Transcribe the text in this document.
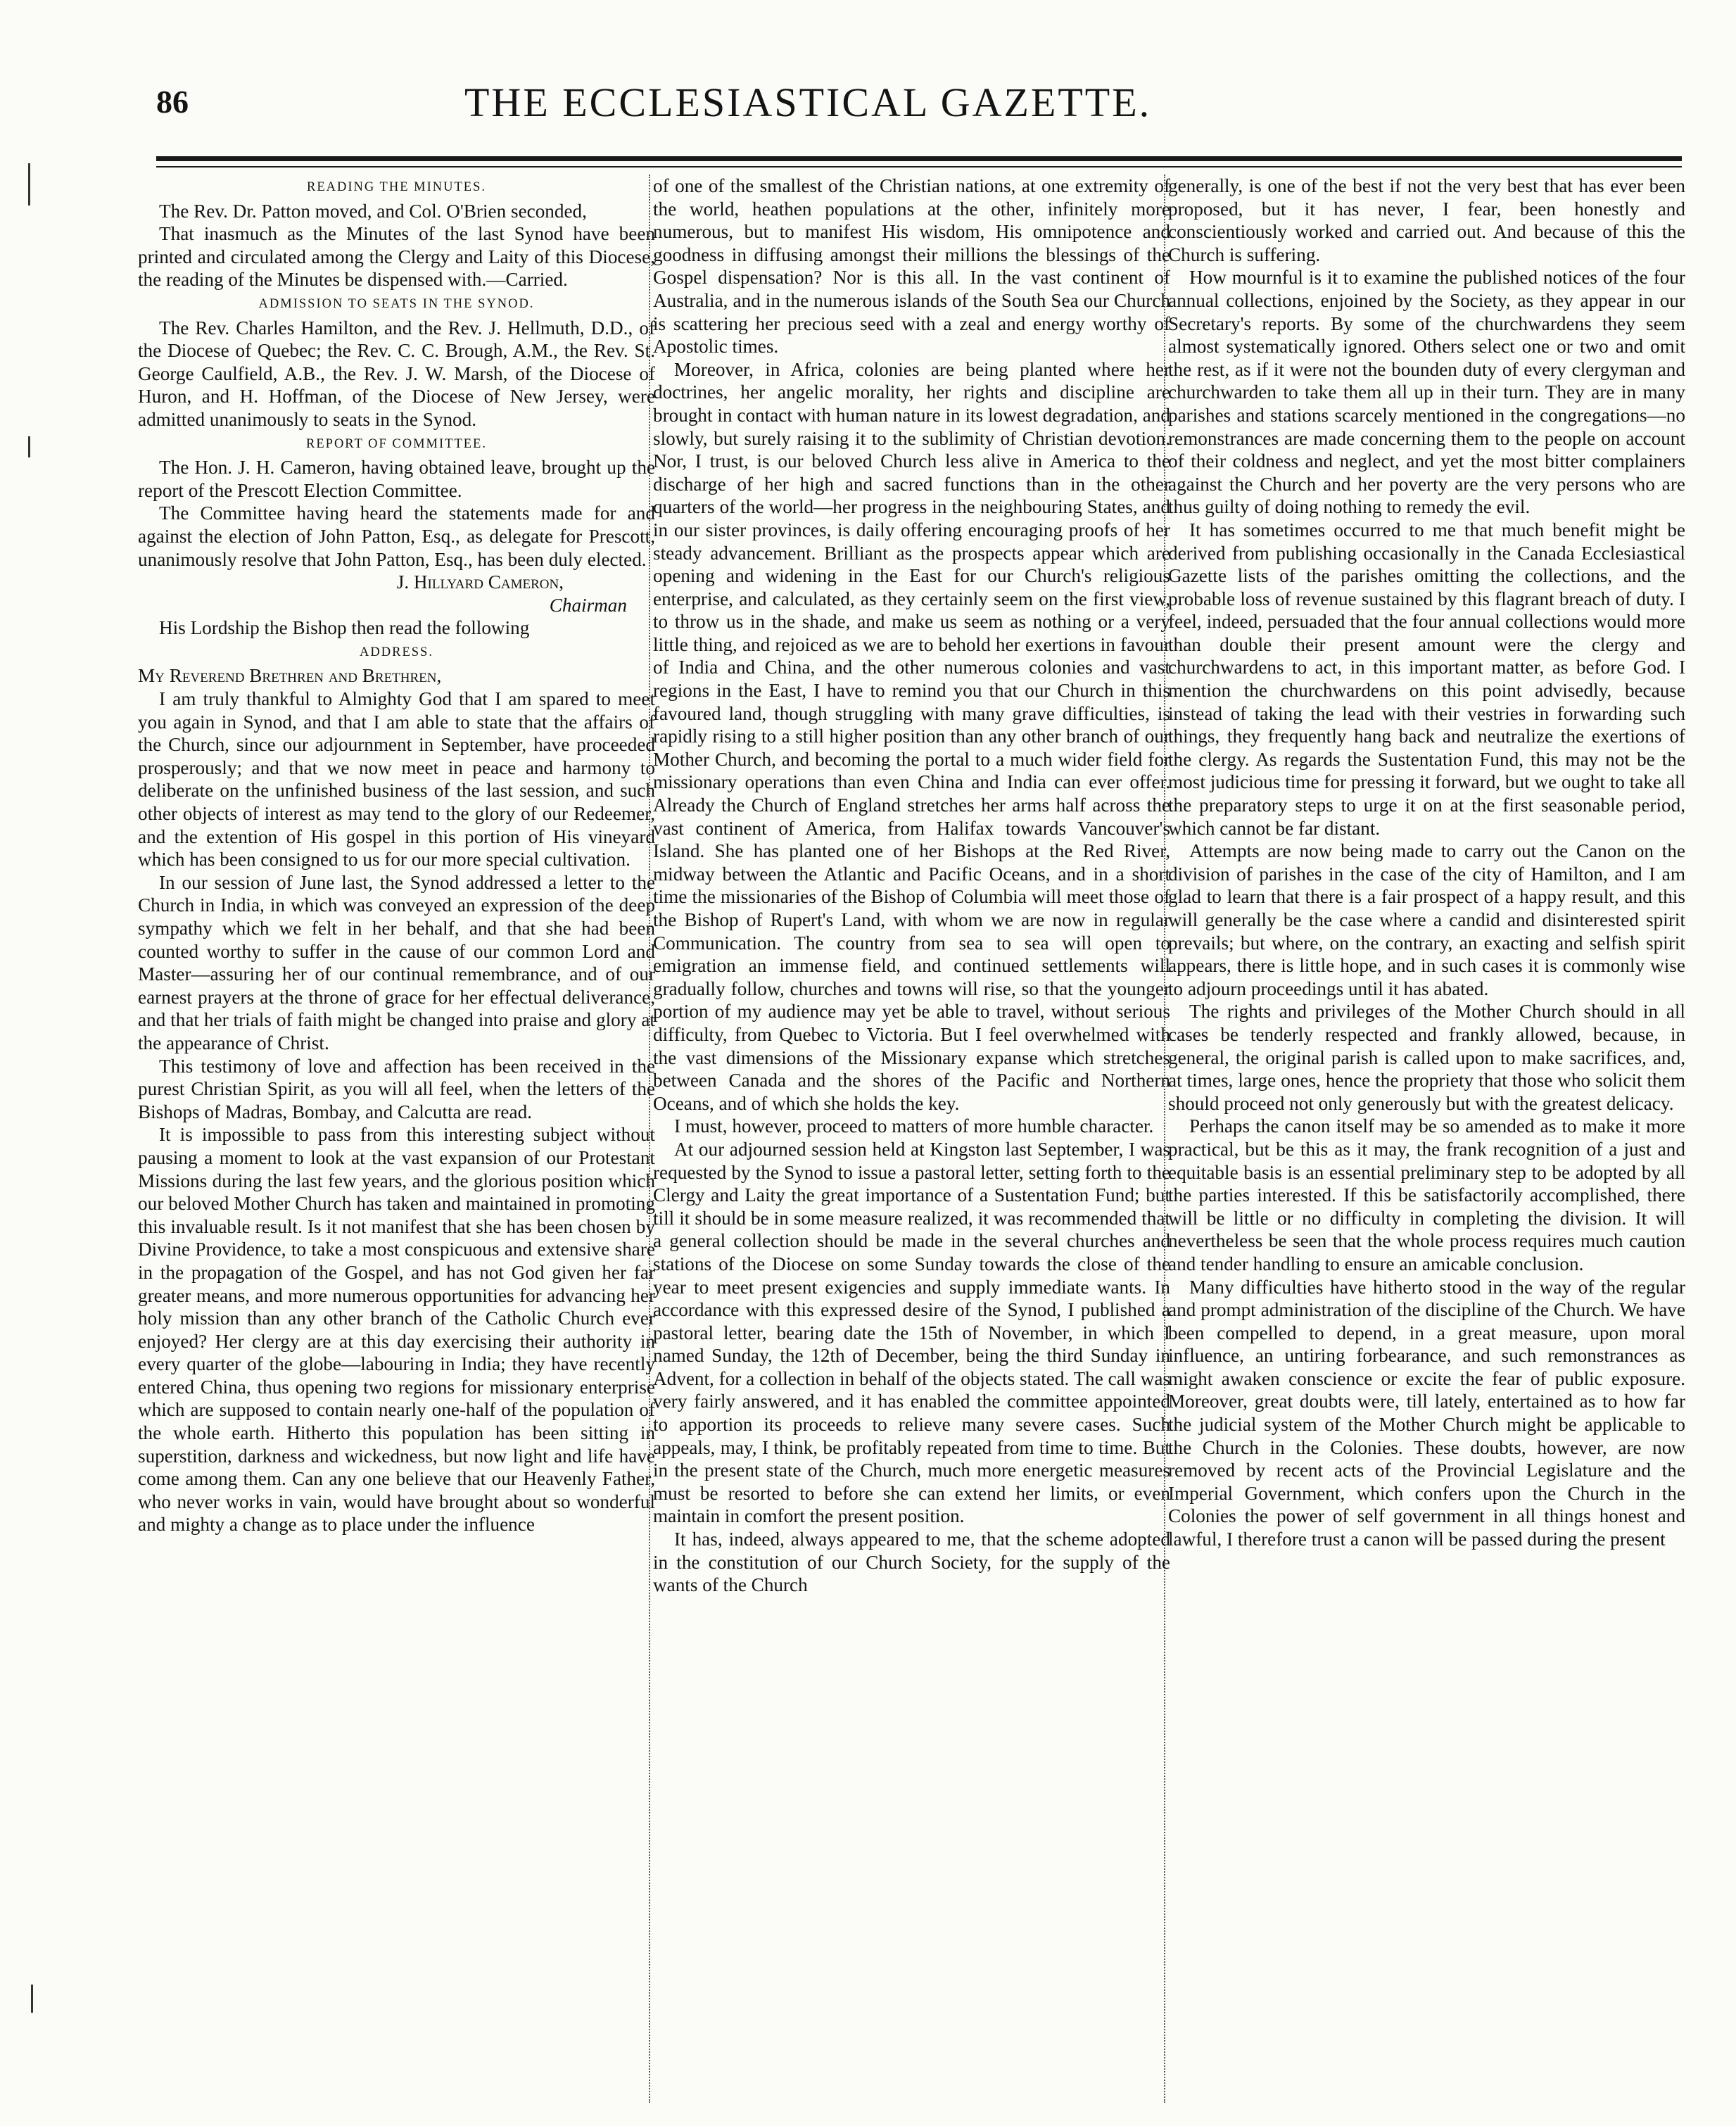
86	THE ECCLESIASTICAL GAZETTE.
READING THE MINUTES.

The Rev. Dr. Patton moved, and Col. O'Brien seconded,

That inasmuch as the Minutes of the last Synod have been printed and circulated among the Clergy and Laity of this Diocese, the reading of the Minutes be dispensed with.—Carried.

ADMISSION TO SEATS IN THE SYNOD.

The Rev. Charles Hamilton, and the Rev. J. Hellmuth, D.D., of the Diocese of Quebec; the Rev. C. C. Brough, A.M., the Rev. St. George Caulfield, A.B., the Rev. J. W. Marsh, of the Diocese of Huron, and H. Hoffman, of the Diocese of New Jersey, were admitted unanimously to seats in the Synod.

REPORT OF COMMITTEE.

The Hon. J. H. Cameron, having obtained leave, brought up the report of the Prescott Election Committee.

The Committee having heard the statements made for and against the election of John Patton, Esq., as delegate for Prescott, unanimously resolve that John Patton, Esq., has been duly elected.

J. Hillyard Cameron,
Chairman

His Lordship the Bishop then read the following

ADDRESS.
My Reverend Brethren and Brethren,

I am truly thankful to Almighty God that I am spared to meet you again in Synod, and that I am able to state that the affairs of the Church, since our adjournment in September, have proceeded prosperously; and that we now meet in peace and harmony to deliberate on the unfinished business of the last session, and such other objects of interest as may tend to the glory of our Redeemer, and the extention of His gospel in this portion of His vineyard which has been consigned to us for our more special cultivation.

In our session of June last, the Synod addressed a letter to the Church in India, in which was conveyed an expression of the deep sympathy which we felt in her behalf, and that she had been counted worthy to suffer in the cause of our common Lord and Master—assuring her of our continual remembrance, and of our earnest prayers at the throne of grace for her effectual deliverance, and that her trials of faith might be changed into praise and glory at the appearance of Christ.

This testimony of love and affection has been received in the purest Christian Spirit, as you will all feel, when the letters of the Bishops of Madras, Bombay, and Calcutta are read.

It is impossible to pass from this interesting subject without pausing a moment to look at the vast expansion of our Protestant Missions during the last few years, and the glorious position which our beloved Mother Church has taken and maintained in promoting this invaluable result. Is it not manifest that she has been chosen by Divine Providence, to take a most conspicuous and extensive share in the propagation of the Gospel, and has not God given her far greater means, and more numerous opportunities for advancing her holy mission than any other branch of the Catholic Church ever enjoyed? Her clergy are at this day exercising their authority in every quarter of the globe—labouring in India; they have recently entered China, thus opening two regions for missionary enterprise which are supposed to contain nearly one-half of the population of the whole earth. Hitherto this population has been sitting in superstition, darkness and wickedness, but now light and life have come among them. Can any one believe that our Heavenly Father, who never works in vain, would have brought about so wonderful and mighty a change as to place under the influence

of one of the smallest of the Christian nations, at one extremity of the world, heathen populations at the other, infinitely more numerous, but to manifest His wisdom, His omnipotence and goodness in diffusing amongst their millions the blessings of the Gospel dispensation? Nor is this all. In the vast continent of Australia, and in the numerous islands of the South Sea our Church is scattering her precious seed with a zeal and energy worthy of Apostolic times.

Moreover, in Africa, colonies are being planted where her doctrines, her angelic morality, her rights and discipline are brought in contact with human nature in its lowest degradation, and slowly, but surely raising it to the sublimity of Christian devotion. Nor, I trust, is our beloved Church less alive in America to the discharge of her high and sacred functions than in the other quarters of the world—her progress in the neighbouring States, and in our sister provinces, is daily offering encouraging proofs of her steady advancement. Brilliant as the prospects appear which are opening and widening in the East for our Church's religious enterprise, and calculated, as they certainly seem on the first view, to throw us in the shade, and make us seem as nothing or a very little thing, and rejoiced as we are to behold her exertions in favour of India and China, and the other numerous colonies and vast regions in the East, I have to remind you that our Church in this favoured land, though struggling with many grave difficulties, is rapidly rising to a still higher position than any other branch of our Mother Church, and becoming the portal to a much wider field for missionary operations than even China and India can ever offer. Already the Church of England stretches her arms half across the vast continent of America, from Halifax towards Vancouver's Island. She has planted one of her Bishops at the Red River, midway between the Atlantic and Pacific Oceans, and in a short time the missionaries of the Bishop of Columbia will meet those of the Bishop of Rupert's Land, with whom we are now in regular Communication. The country from sea to sea will open to emigration an immense field, and continued settlements will gradually follow, churches and towns will rise, so that the younger portion of my audience may yet be able to travel, without serious difficulty, from Quebec to Victoria. But I feel overwhelmed with the vast dimensions of the Missionary expanse which stretches between Canada and the shores of the Pacific and Northern Oceans, and of which she holds the key.

I must, however, proceed to matters of more humble character.

At our adjourned session held at Kingston last September, I was requested by the Synod to issue a pastoral letter, setting forth to the Clergy and Laity the great importance of a Sustentation Fund; but till it should be in some measure realized, it was recommended that a general collection should be made in the several churches and stations of the Diocese on some Sunday towards the close of the year to meet present exigencies and supply immediate wants. In accordance with this expressed desire of the Synod, I published a pastoral letter, bearing date the 15th of November, in which I named Sunday, the 12th of December, being the third Sunday in Advent, for a collection in behalf of the objects stated. The call was very fairly answered, and it has enabled the committee appointed to apportion its proceeds to relieve many severe cases. Such appeals, may, I think, be profitably repeated from time to time. But in the present state of the Church, much more energetic measures must be resorted to before she can extend her limits, or even maintain in comfort the present position.

It has, indeed, always appeared to me, that the scheme adopted in the constitution of our Church Society, for the supply of the wants of the Church

generally, is one of the best if not the very best that has ever been proposed, but it has never, I fear, been honestly and conscientiously worked and carried out. And because of this the Church is suffering.

How mournful is it to examine the published notices of the four annual collections, enjoined by the Society, as they appear in our Secretary's reports. By some of the churchwardens they seem almost systematically ignored. Others select one or two and omit the rest, as if it were not the bounden duty of every clergyman and churchwarden to take them all up in their turn. They are in many parishes and stations scarcely mentioned in the congregations—no remonstrances are made concerning them to the people on account of their coldness and neglect, and yet the most bitter complainers against the Church and her poverty are the very persons who are thus guilty of doing nothing to remedy the evil.

It has sometimes occurred to me that much benefit might be derived from publishing occasionally in the Canada Ecclesiastical Gazette lists of the parishes omitting the collections, and the probable loss of revenue sustained by this flagrant breach of duty. I feel, indeed, persuaded that the four annual collections would more than double their present amount were the clergy and churchwardens to act, in this important matter, as before God. I mention the churchwardens on this point advisedly, because instead of taking the lead with their vestries in forwarding such things, they frequently hang back and neutralize the exertions of the clergy. As regards the Sustentation Fund, this may not be the most judicious time for pressing it forward, but we ought to take all the preparatory steps to urge it on at the first seasonable period, which cannot be far distant.

Attempts are now being made to carry out the Canon on the division of parishes in the case of the city of Hamilton, and I am glad to learn that there is a fair prospect of a happy result, and this will generally be the case where a candid and disinterested spirit prevails; but where, on the contrary, an exacting and selfish spirit appears, there is little hope, and in such cases it is commonly wise to adjourn proceedings until it has abated.

The rights and privileges of the Mother Church should in all cases be tenderly respected and frankly allowed, because, in general, the original parish is called upon to make sacrifices, and, at times, large ones, hence the propriety that those who solicit them should proceed not only generously but with the greatest delicacy.

Perhaps the canon itself may be so amended as to make it more practical, but be this as it may, the frank recognition of a just and equitable basis is an essential preliminary step to be adopted by all the parties interested. If this be satisfactorily accomplished, there will be little or no difficulty in completing the division. It will nevertheless be seen that the whole process requires much caution and tender handling to ensure an amicable conclusion.

Many difficulties have hitherto stood in the way of the regular and prompt administration of the discipline of the Church. We have been compelled to depend, in a great measure, upon moral influence, an untiring forbearance, and such remonstrances as might awaken conscience or excite the fear of public exposure. Moreover, great doubts were, till lately, entertained as to how far the judicial system of the Mother Church might be applicable to the Church in the Colonies. These doubts, however, are now removed by recent acts of the Provincial Legislature and the Imperial Government, which confers upon the Church in the Colonies the power of self government in all things honest and lawful, I therefore trust a canon will be passed during the present
